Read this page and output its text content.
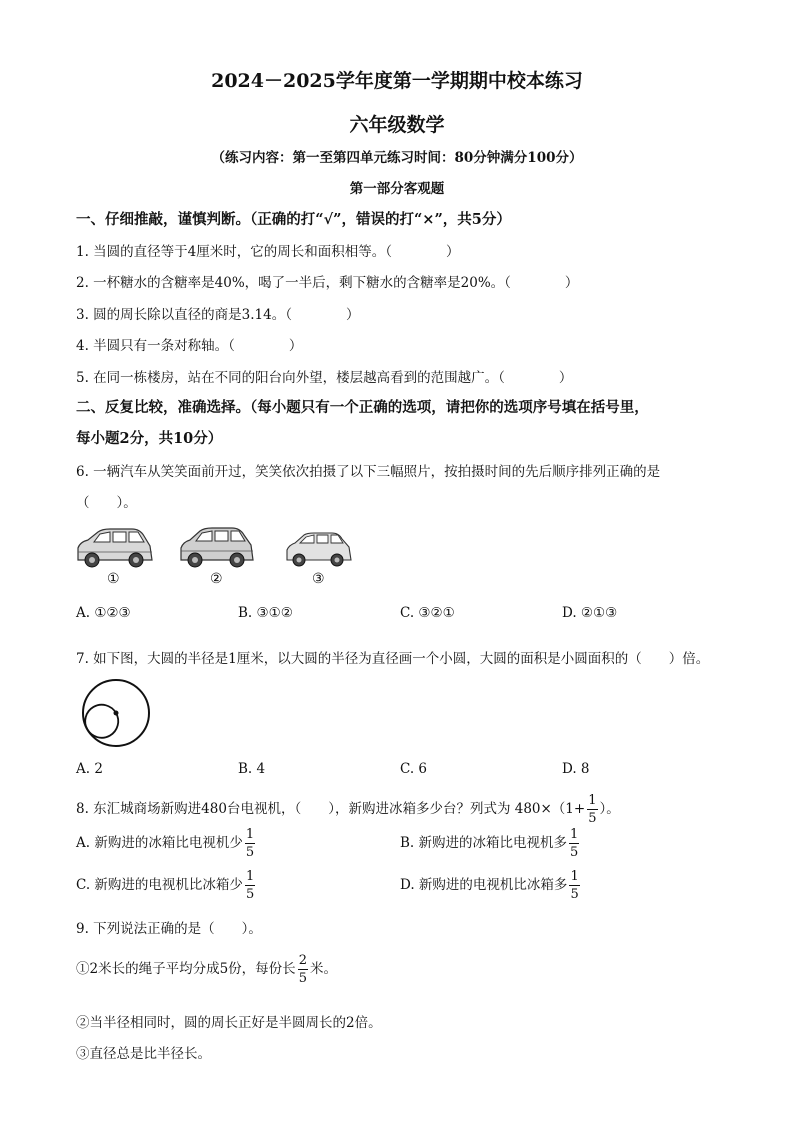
2024－2025学年度第一学期期中校本练习
六年级数学
（练习内容：第一至第四单元练习时间：80分钟满分100分）
第一部分客观题
一、仔细推敲，谨慎判断。（正确的打“√”，错误的打“×”，共5分）
1. 当圆的直径等于4厘米时，它的周长和面积相等。（　　　　）
2. 一杯糖水的含糖率是40%，喝了一半后，剩下糖水的含糖率是20%。（　　　　）
3. 圆的周长除以直径的商是3.14。（　　　　）
4. 半圆只有一条对称轴。（　　　　）
5. 在同一栋楼房，站在不同的阳台向外望，楼层越高看到的范围越广。（　　　　）
二、反复比较，准确选择。（每小题只有一个正确的选项，请把你的选项序号填在括号里，
每小题2分，共10分）
6. 一辆汽车从笑笑面前开过，笑笑依次拍摄了以下三幅照片，按拍摄时间的先后顺序排列正确的是
（　　）。
①	②	③
A. ①②③	B. ③①②	C. ③②①	D. ②①③
7. 如下图，大圆的半径是1厘米，以大圆的半径为直径画一个小圆，大圆的面积是小圆面积的（　　）倍。
A. 2	B. 4	C. 6	D. 8
8. 东汇城商场新购进480台电视机，（　　），新购进冰箱多少台？列式为 $480\times(1+ \frac{1}{5}$ ）。
A. 新购进的冰箱比电视机少 $\frac{1}{5}$	B. 新购进的冰箱比电视机多 $\frac{1}{5}$
C. 新购进的电视机比冰箱少 $\frac{1}{5}$	D. 新购进的电视机比冰箱多 $\frac{1}{5}$
9. 下列说法正确的是（　　）。
①2米长的绳子平均分成5份，每份长 $\frac{2}{5}$ 米。
②当半径相同时，圆的周长正好是半圆周长的2倍。
③直径总是比半径长。
